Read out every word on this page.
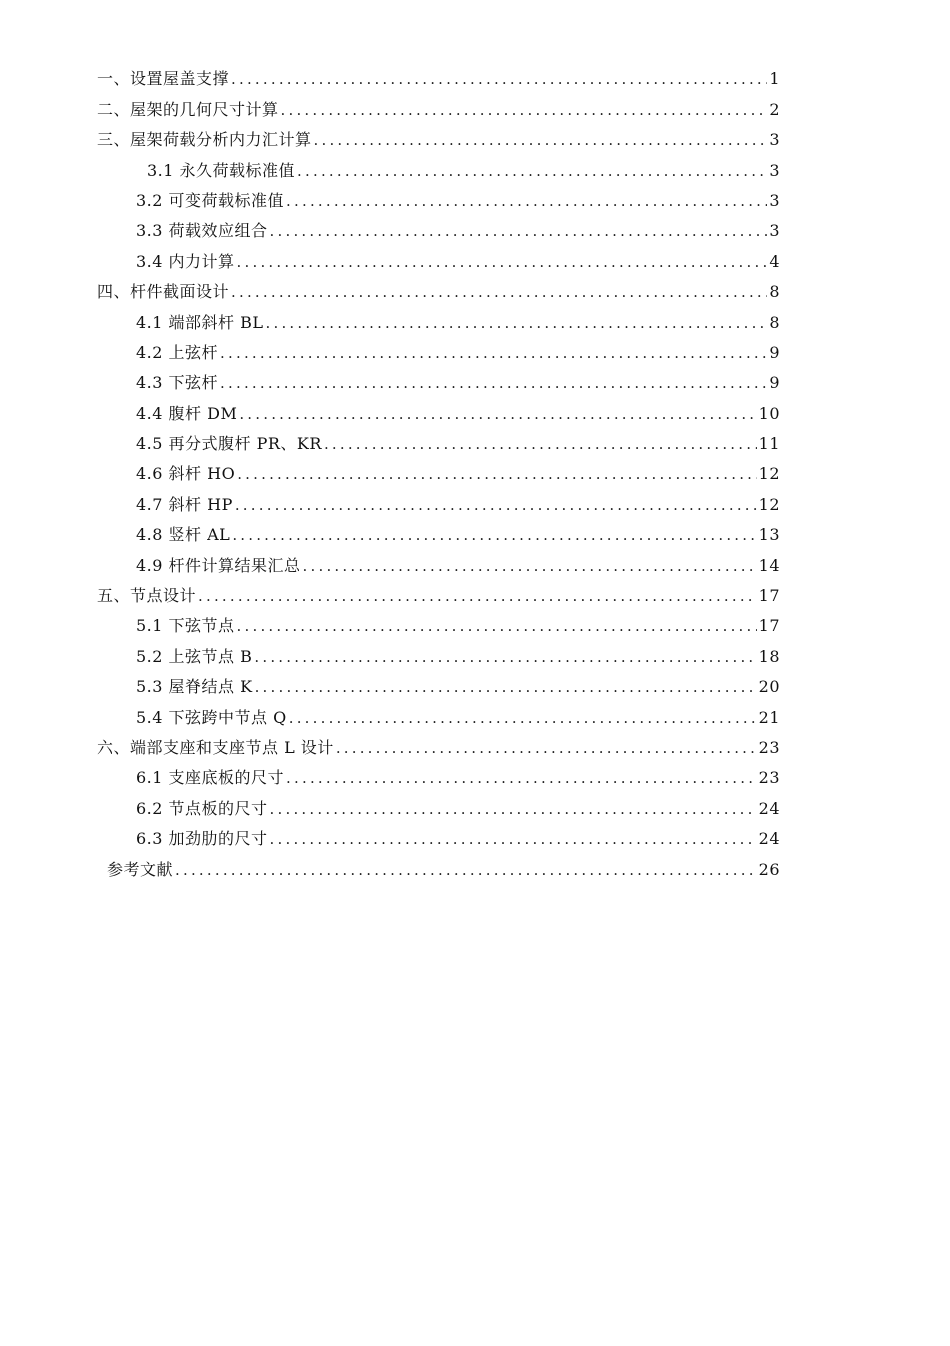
一、设置屋盖支撑 .....	1
二、屋架的几何尺寸计算 .....	2
三、屋架荷载分析内力汇计算 .....	3
3.1 永久荷载标准值 .....	3
3.2 可变荷载标准值 .....	3
3.3 荷载效应组合 .....	3
3.4 内力计算 .....	4
四、杆件截面设计 .....	8
4.1 端部斜杆 BL .....	8
4.2 上弦杆 .....	9
4.3 下弦杆 .....	9
4.4 腹杆 DM .....	10
4.5 再分式腹杆 PR、KR .....	11
4.6 斜杆 HO .....	12
4.7 斜杆 HP .....	12
4.8 竖杆 AL .....	13
4.9 杆件计算结果汇总 .....	14
五、节点设计 .....	17
5.1 下弦节点 .....	17
5.2 上弦节点 B .....	18
5.3 屋脊结点 K .....	20
5.4 下弦跨中节点 Q .....	21
六、端部支座和支座节点 L 设计 .....	23
6.1 支座底板的尺寸 .....	23
6.2 节点板的尺寸 .....	24
6.3 加劲肋的尺寸 .....	24
参考文献 .....	26
